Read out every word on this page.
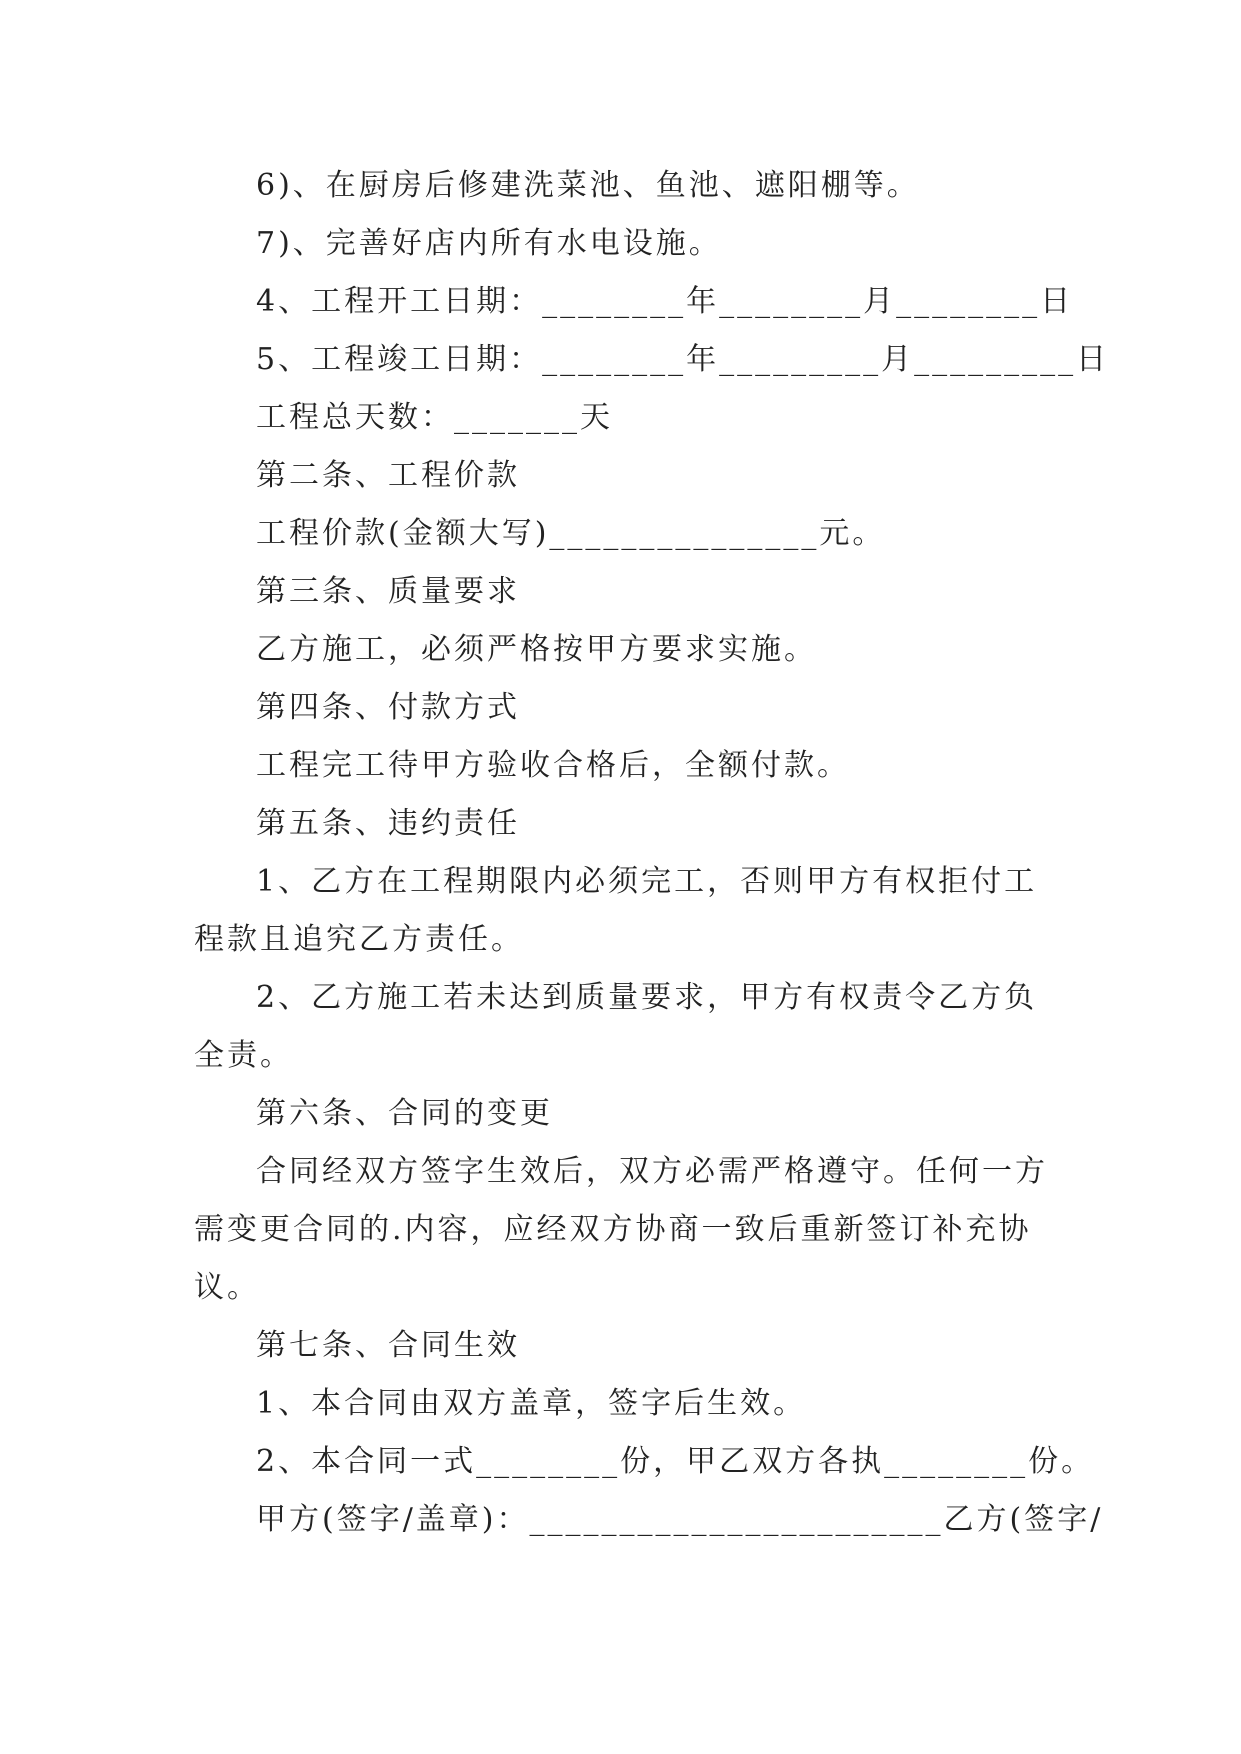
6)、在厨房后修建洗菜池、鱼池、遮阳棚等。
7)、完善好店内所有水电设施。
4、工程开工日期：________年________月________日
5、工程竣工日期：________年_________月_________日
工程总天数：_______天
第二条、工程价款
工程价款(金额大写)_______________元。
第三条、质量要求
乙方施工，必须严格按甲方要求实施。
第四条、付款方式
工程完工待甲方验收合格后，全额付款。
第五条、违约责任
1、乙方在工程期限内必须完工，否则甲方有权拒付工
程款且追究乙方责任。
2、乙方施工若未达到质量要求，甲方有权责令乙方负
全责。
第六条、合同的变更
合同经双方签字生效后，双方必需严格遵守。任何一方
需变更合同的.内容，应经双方协商一致后重新签订补充协
议。
第七条、合同生效
1、本合同由双方盖章，签字后生效。
2、本合同一式________份，甲乙双方各执________份。
甲方(签字/盖章)：_______________________乙方(签字/
